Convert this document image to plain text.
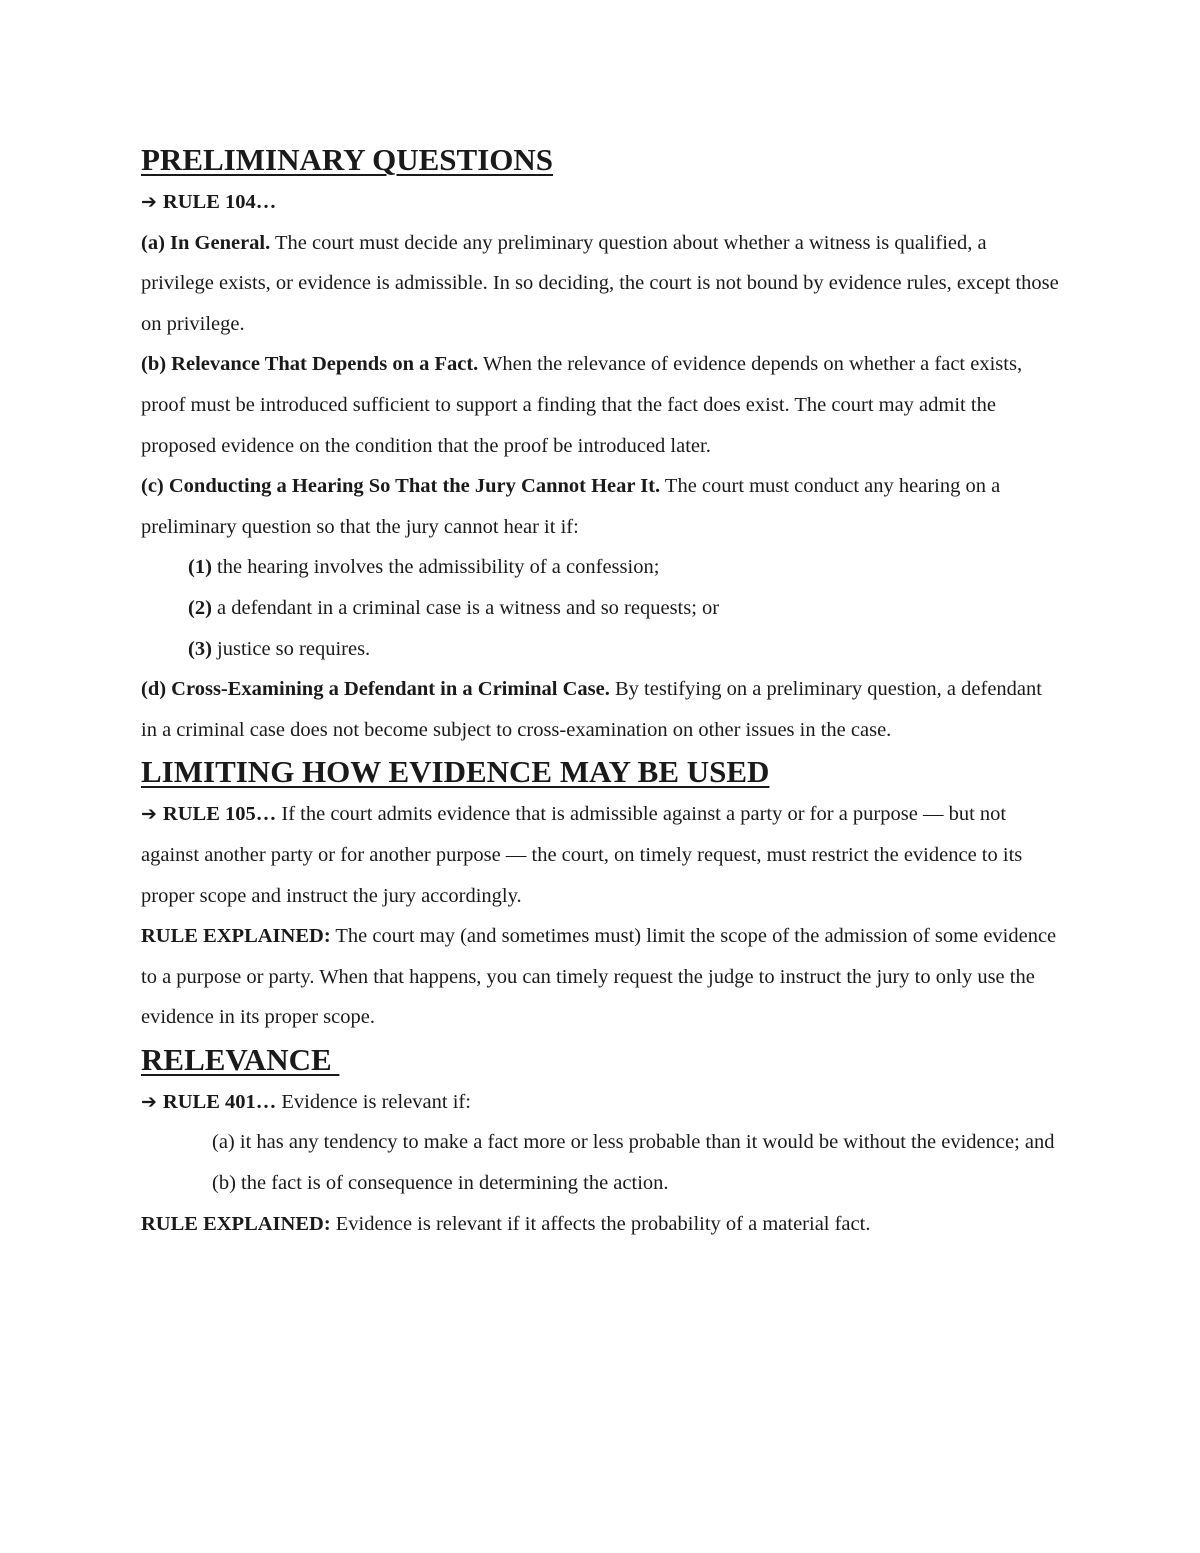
PRELIMINARY QUESTIONS

➔ RULE 104…

(a) In General. The court must decide any preliminary question about whether a witness is qualified, a privilege exists, or evidence is admissible. In so deciding, the court is not bound by evidence rules, except those on privilege.

(b) Relevance That Depends on a Fact. When the relevance of evidence depends on whether a fact exists, proof must be introduced sufficient to support a finding that the fact does exist. The court may admit the proposed evidence on the condition that the proof be introduced later.

(c) Conducting a Hearing So That the Jury Cannot Hear It. The court must conduct any hearing on a preliminary question so that the jury cannot hear it if:

(1) the hearing involves the admissibility of a confession;

(2) a defendant in a criminal case is a witness and so requests; or

(3) justice so requires.

(d) Cross-Examining a Defendant in a Criminal Case. By testifying on a preliminary question, a defendant in a criminal case does not become subject to cross-examination on other issues in the case.

LIMITING HOW EVIDENCE MAY BE USED

➔ RULE 105… If the court admits evidence that is admissible against a party or for a purpose — but not against another party or for another purpose — the court, on timely request, must restrict the evidence to its proper scope and instruct the jury accordingly.

RULE EXPLAINED: The court may (and sometimes must) limit the scope of the admission of some evidence to a purpose or party. When that happens, you can timely request the judge to instruct the jury to only use the evidence in its proper scope.

RELEVANCE

➔ RULE 401… Evidence is relevant if:

(a) it has any tendency to make a fact more or less probable than it would be without the evidence; and

(b) the fact is of consequence in determining the action.

RULE EXPLAINED: Evidence is relevant if it affects the probability of a material fact.
